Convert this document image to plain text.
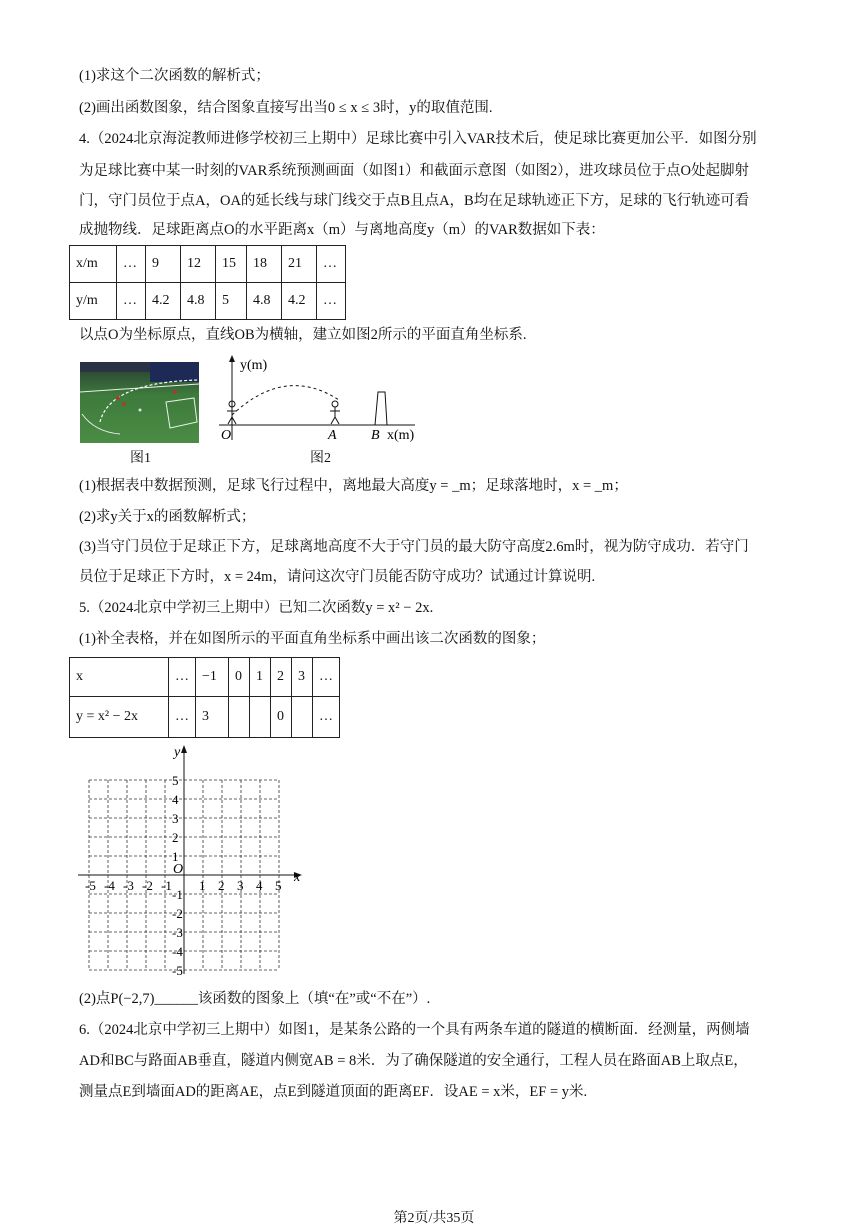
(1)求这个二次函数的解析式；
(2)画出函数图象，结合图象直接写出当0 ≤ x ≤ 3时，y的取值范围.
4.（2024北京海淀教师进修学校初三上期中）足球比赛中引入VAR技术后，使足球比赛更加公平．如图分别
为足球比赛中某一时刻的VAR系统预测画面（如图1）和截面示意图（如图2），进攻球员位于点O处起脚射
门，守门员位于点A，OA的延长线与球门线交于点B且点A，B均在足球轨迹正下方，足球的飞行轨迹可看
成抛物线．足球距离点O的水平距离x（m）与离地高度y（m）的VAR数据如下表：
x/m	…	9	12	15	18	21	…
y/m	…	4.2	4.8	5	4.8	4.2	…
以点O为坐标原点，直线OB为横轴，建立如图2所示的平面直角坐标系.
图1
y(m)
O	A B x(m)
图2
(1)根据表中数据预测，足球飞行过程中，离地最大高度y = _m；足球落地时，x = _m；
(2)求y关于x的函数解析式；
(3)当守门员位于足球正下方，足球离地高度不大于守门员的最大防守高度2.6m时，视为防守成功．若守门
员位于足球正下方时，x = 24m，请问这次守门员能否防守成功？试通过计算说明.
5.（2024北京中学初三上期中）已知二次函数y = x² − 2x.
(1)补全表格，并在如图所示的平面直角坐标系中画出该二次函数的图象；
x	…	−1	0	1	2	3	…
y = x² − 2x	…	3			0		…
y
x
O
-5 -4 -3 -2 -1 1 2 3 4 5
5
4
3
2
1
-1
-2
-3
-4
-5
(2)点P(−2,7)______该函数的图象上（填“在”或“不在”）.
6.（2024北京中学初三上期中）如图1，是某条公路的一个具有两条车道的隧道的横断面．经测量，两侧墙
AD和BC与路面AB垂直，隧道内侧宽AB = 8米．为了确保隧道的安全通行，工程人员在路面AB上取点E，
测量点E到墙面AD的距离AE，点E到隧道顶面的距离EF．设AE = x米，EF = y米.
第2页/共35页
